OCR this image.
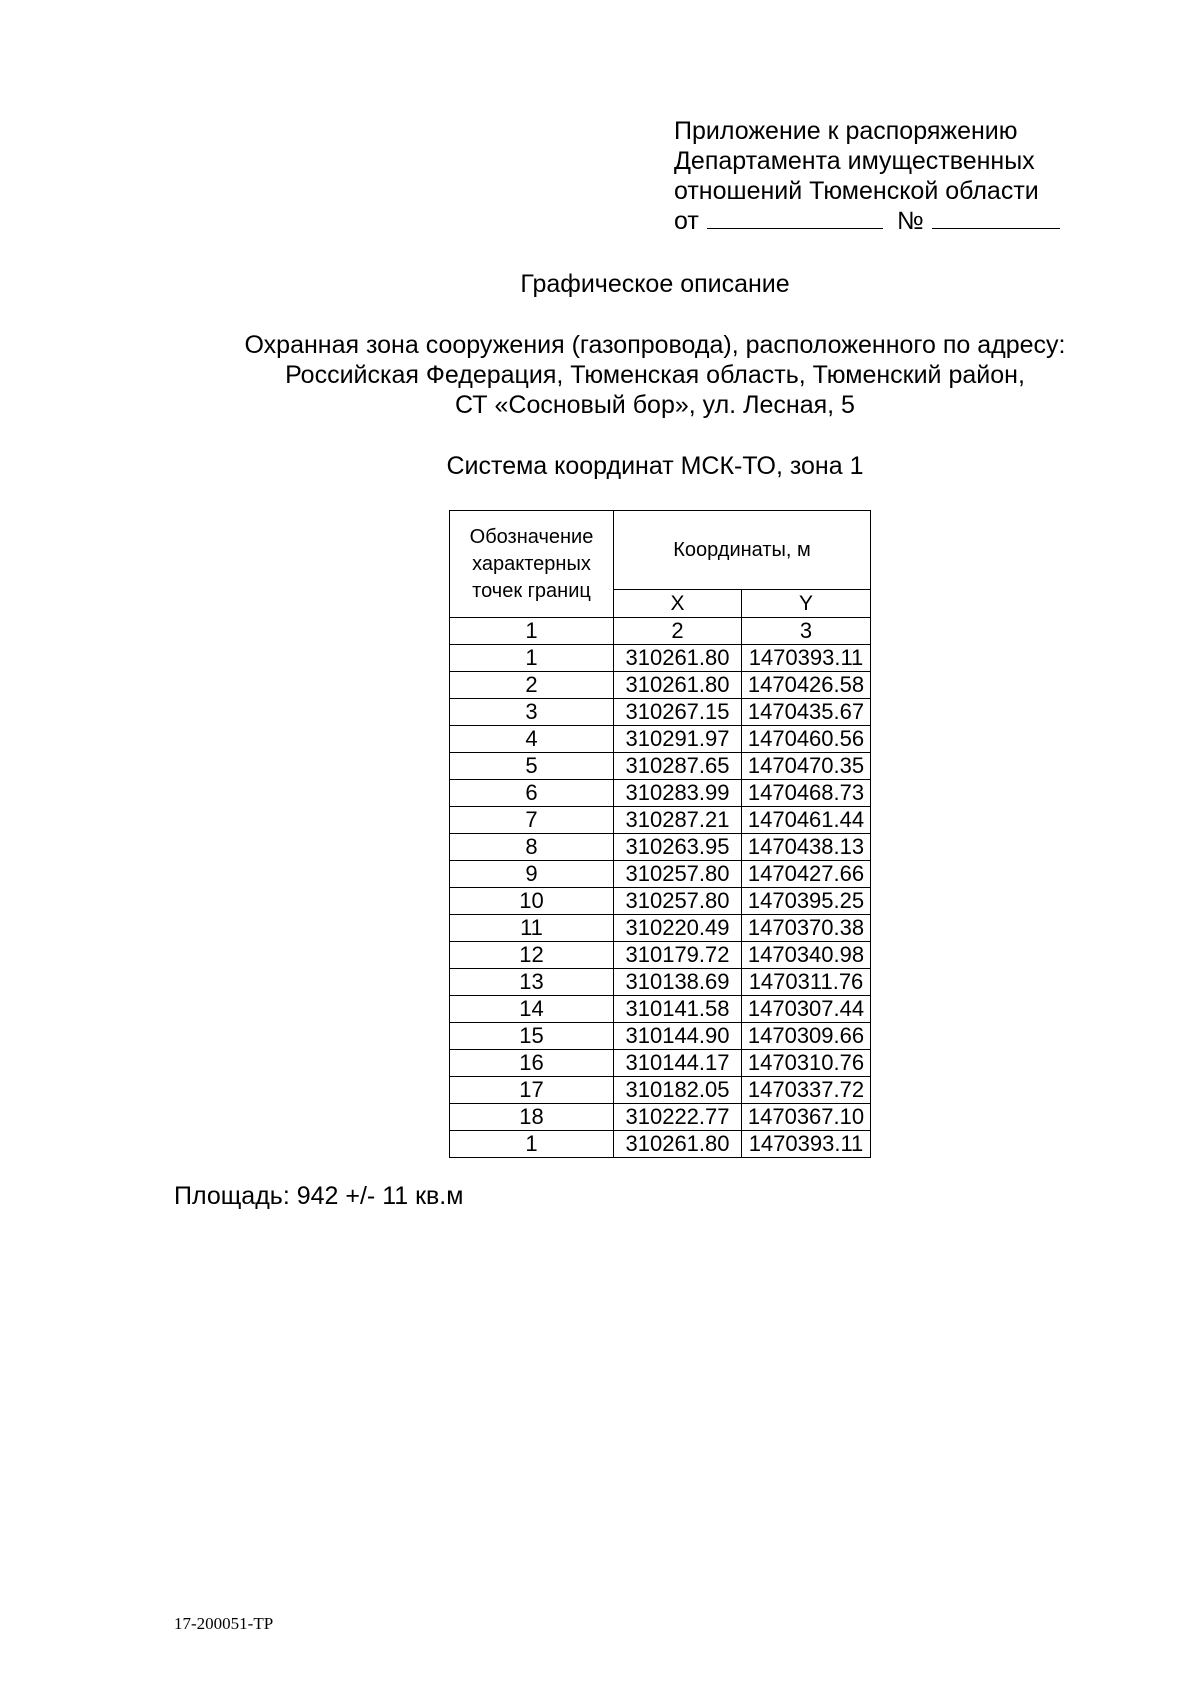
Приложение к распоряжению
Департамента имущественных
отношений Тюменской области
от	№
Графическое описание
Охранная зона сооружения (газопровода), расположенного по адресу:
Российская Федерация, Тюменская область, Тюменский район,
СТ «Сосновый бор», ул. Лесная, 5
Система координат МСК-ТО, зона 1
Обозначение
характерных
точек границ	Координаты, м	
	X	Y
1	2	3
1	310261.80	1470393.11
2	310261.80	1470426.58
3	310267.15	1470435.67
4	310291.97	1470460.56
5	310287.65	1470470.35
6	310283.99	1470468.73
7	310287.21	1470461.44
8	310263.95	1470438.13
9	310257.80	1470427.66
10	310257.80	1470395.25
11	310220.49	1470370.38
12	310179.72	1470340.98
13	310138.69	1470311.76
14	310141.58	1470307.44
15	310144.90	1470309.66
16	310144.17	1470310.76
17	310182.05	1470337.72
18	310222.77	1470367.10
1	310261.80	1470393.11
Площадь: 942 +/- 11 кв.м
17-200051-ТР
